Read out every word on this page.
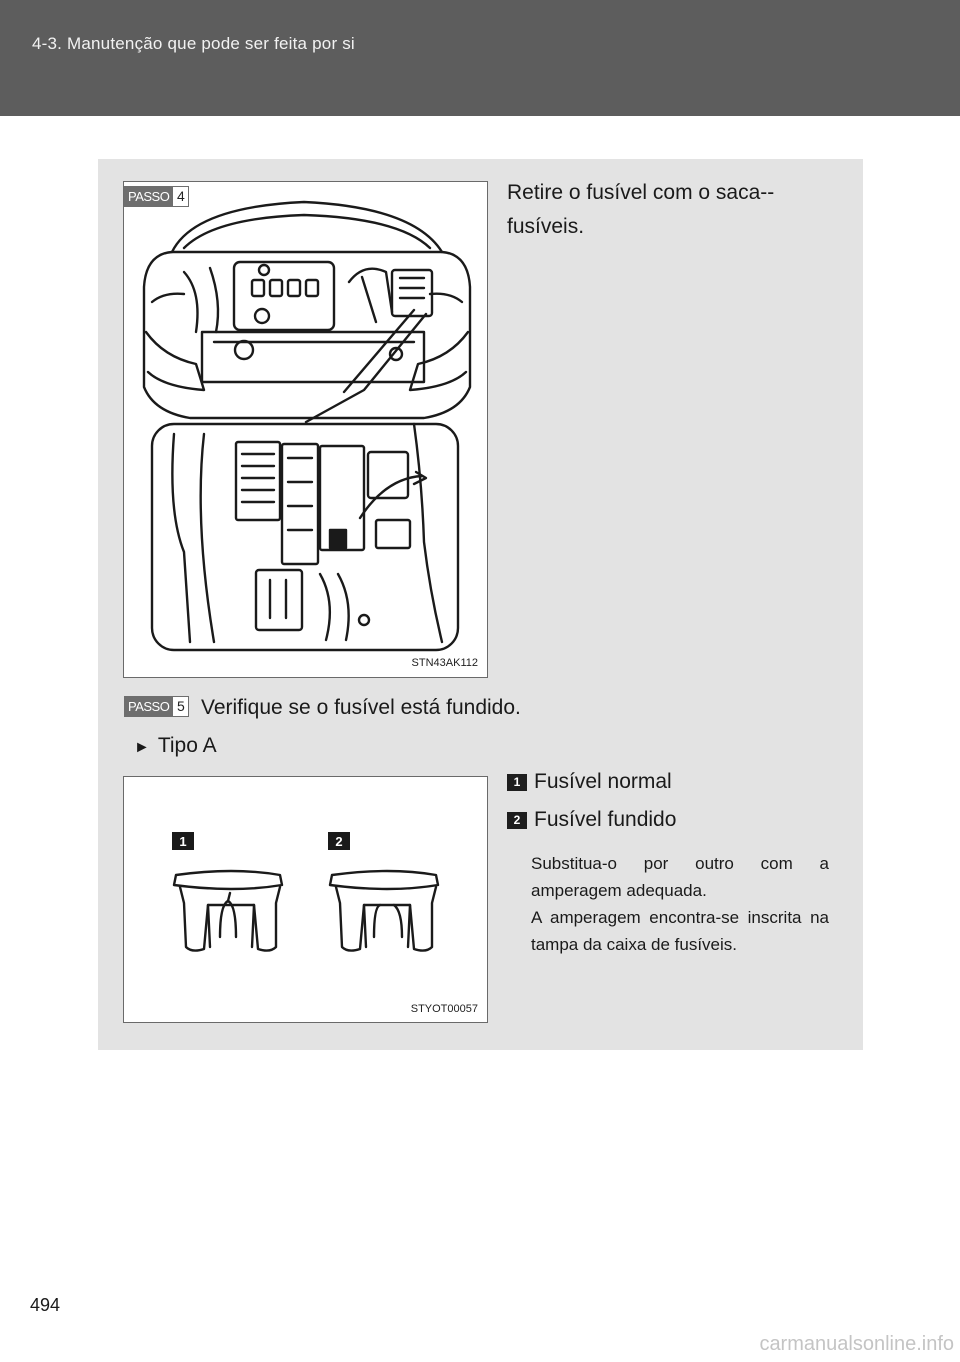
4-3. Manutenção que pode ser feita por si
STN43AK112
PASSO 4	Retire o fusível com o saca--fusíveis.
PASSO 5 Verifique se o fusível está fundido.
► Tipo A
1	2
STYOT00057
1 Fusível normal
2 Fusível fundido

Substitua-o por outro com a amperagem adequada.

A amperagem encontra-se inscrita na tampa da caixa de fusíveis.

494
carmanualsonline.info
